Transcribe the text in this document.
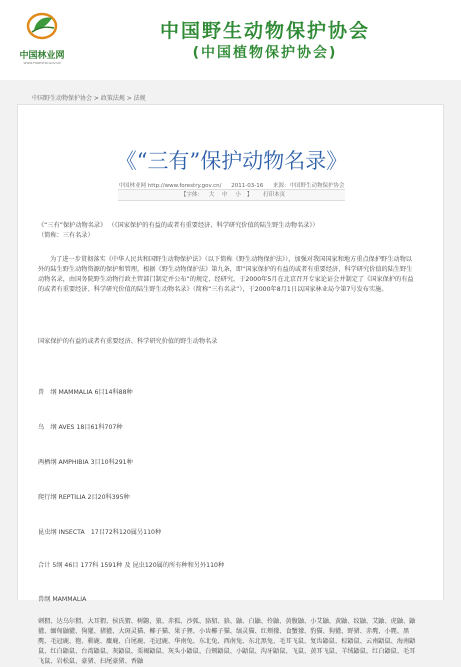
中国林业网
WWW.FORESTRY.GOV.CN
中国野生动物保护协会
(中国植物保护协会)
中国野生动物保护协会 > 政策法规 > 法规
《“三有”保护动物名录》
中国林业网 http://www.forestry.gov.cn/ 2011-03-16 来源：中国野生动物保护协会
【字体： 大 中 小 】 打印本页
《“三有”保护动物名录》 （《国家保护的有益的或者有重要经济、科学研究价值的陆生野生动物名录》）
（简称：三有名录）
为了进一步贯彻落实《中华人民共和国野生动物保护法》（以下简称《野生动物保护法》），加强对我国国家和地方重点保护野生动物以外的陆生野生动物资源的保护和管理，根据《野生动物保护法》第九条，即“国家保护的有益的或者有重要经济、科学研究价值的陆生野生动物名录，由国务院野生动物行政主管部门制定并公布”的规定，经研究，于2000年5月在北京召开专家论证会并制定了《国家保护的有益的或者有重要经济、科学研究价值的陆生野生动物名录》（简称“三有名录”），于2000年8月1日以国家林业局令第7号发布实施。
国家保护的有益的或者有重要经济、科学研究价值的野生动物名录
兽　纲 MAMMALIA 6目14科88种
鸟　纲 AVES 18目61科707种
两栖纲 AMPHIBIA 3目10科291种
爬行纲 REPTILIA 2目20科395种
昆虫纲 INSECTA　17目72科120属另110种
合计 5纲 46目 177科 1591种 及 昆虫120属的所有种和另外110种
兽纲 MAMMALIA
刺猬、达乌尔猬、大耳猬、侯氏猬、树鼩、狼、赤狐、沙狐、貉貂、貉、鼬、白鼬、伶鼬、黄腹鼬、小艾鼬、黄鼬、纹鼬、艾鼬、虎鼬、鼬獾、缅甸鼬獾、狗獾、猪獾、大斑灵猫、椰子猫、果子狸、小齿椰子猫、缟灵猫、红颊獴、食蟹獴、豹猫、狗獾、野猪、赤麂、小麂、黑麂、毛冠鹿、狍、驯鹿、麋鹿、白尾鹿、毛冠鹿、华南兔、东北兔、西南兔、东北黑兔、毛耳飞鼠、复齿鼯鼠、棕鼯鼠、云南鼯鼠、海南鼯鼠、红白鼯鼠、台湾鼯鼠、灰鼯鼠、栗褐鼯鼠、灰头小鼯鼠、白颊鼯鼠、小鼯鼠、沟牙鼯鼠、飞鼠、黄耳飞鼠、羊绒鼯鼠、红白鼯鼠、毛耳飞鼠、岩松鼠、豪猪、扫尾豪猪、香鼬
